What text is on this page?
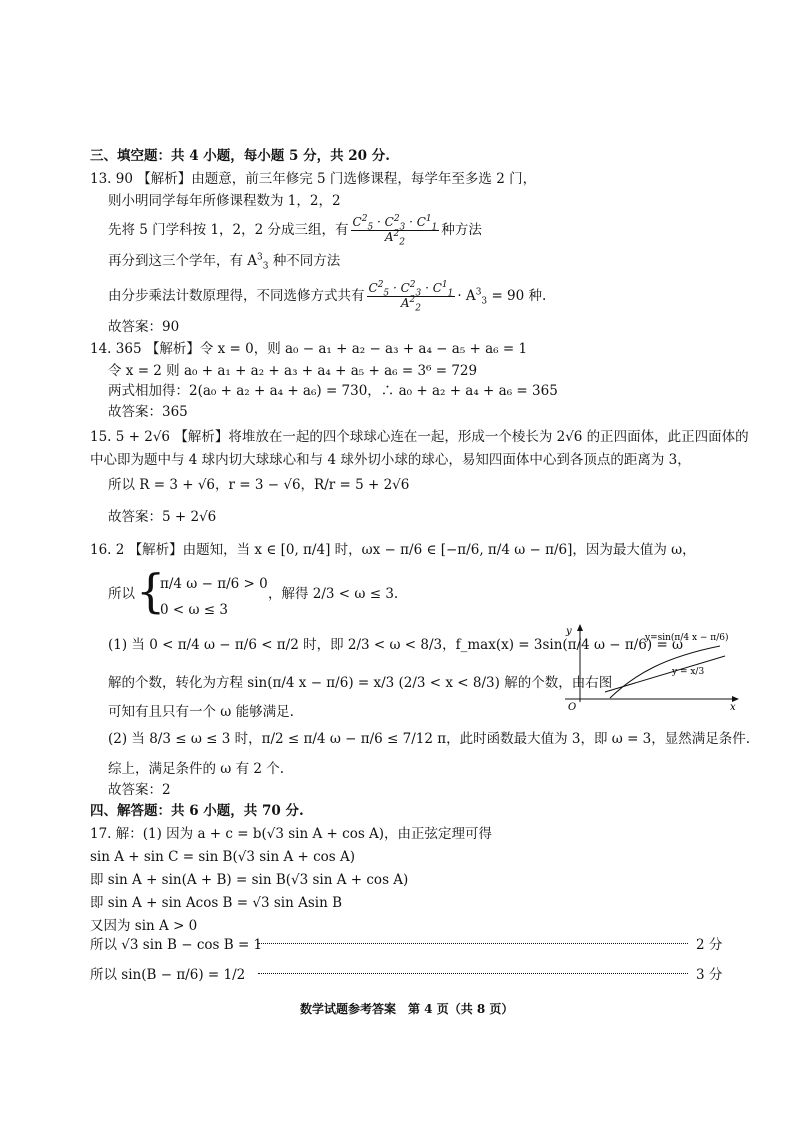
三、填空题：共 4 小题，每小题 5 分，共 20 分.
13. 90 【解析】由题意，前三年修完 5 门选修课程，每学年至多选 2 门，
则小明同学每年所修课程数为 1，2，2
先将 5 门学科按 1，2，2 分成三组，有 $\frac{C^2_5 \cdot C^2_3 \cdot C^1_1}{A^2_2}$ 种方法
再分到这三个学年，有 $A^3_3$ 种不同方法
由分步乘法计数原理得，不同选修方式共有 $\frac{C^2_5 \cdot C^2_3 \cdot C^1_1}{A^2_2} \cdot A^3_3 = 90$ 种.
故答案：90
14. 365 【解析】令 x = 0，则 a₀ − a₁ + a₂ − a₃ + a₄ − a₅ + a₆ = 1
令 x = 2 则 a₀ + a₁ + a₂ + a₃ + a₄ + a₅ + a₆ = 3⁶ = 729
两式相加得：2(a₀ + a₂ + a₄ + a₆) = 730，∴ a₀ + a₂ + a₄ + a₆ = 365
故答案：365
15. 5 + 2√6 【解析】将堆放在一起的四个球球心连在一起，形成一个棱长为 2√6 的正四面体，此正四面体的
中心即为题中与 4 球内切大球球心和与 4 球外切小球的球心，易知四面体中心到各顶点的距离为 3，
所以 R = 3 + √6，r = 3 − √6，R/r = 5 + 2√6
故答案：5 + 2√6
16. 2 【解析】由题知，当 x ∈ [0, π/4] 时，ωx − π/6 ∈ [−π/6, π/4 ω − π/6]，因为最大值为 ω，
所以 {
π/4 ω − π/6 > 0
0 < ω ≤ 3
，解得 2/3 < ω ≤ 3.
(1) 当 0 < π/4 ω − π/6 < π/2 时，即 2/3 < ω < 8/3，f_max(x) = 3sin(π/4 ω − π/6) = ω
解的个数，转化为方程 sin(π/4 x − π/6) = x/3 (2/3 < x < 8/3) 解的个数，由右图
可知有且只有一个 ω 能够满足.
(2) 当 8/3 ≤ ω ≤ 3 时，π/2 ≤ π/4 ω − π/6 ≤ 7/12 π，此时函数最大值为 3，即 ω = 3，显然满足条件.
综上，满足条件的 ω 有 2 个.
故答案：2
y
x
O
y=sin(π/4 x − π/6)
y = x/3
四、解答题：共 6 小题，共 70 分.
17. 解：(1) 因为 a + c = b(√3 sin A + cos A)，由正弦定理可得
sin A + sin C = sin B(√3 sin A + cos A)
即 sin A + sin(A + B) = sin B(√3 sin A + cos A)
即 sin A + sin Acos B = √3 sin Asin B
又因为 sin A > 0
所以 √3 sin B − cos B = 1	2 分
所以 sin(B − π/6) = 1/2	3 分
数学试题参考答案　第 4 页（共 8 页）
